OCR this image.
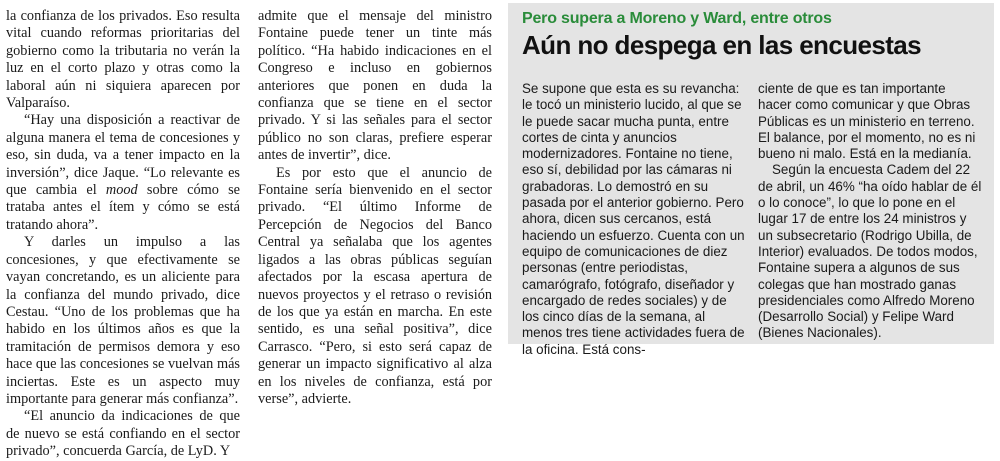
la confianza de los privados. Eso resulta vital cuando reformas prioritarias del gobierno como la tributaria no verán la luz en el corto plazo y otras como la laboral aún ni siquiera aparecen por Valparaíso.

“Hay una disposición a reactivar de alguna manera el tema de concesiones y eso, sin duda, va a tener impacto en la inversión”, dice Jaque. “Lo relevante es que cambia el mood sobre cómo se trataba antes el ítem y cómo se está tratando ahora”.

Y darles un impulso a las concesiones, y que efectivamente se vayan concretando, es un aliciente para la confianza del mundo privado, dice Cestau. “Uno de los problemas que ha habido en los últimos años es que la tramitación de permisos demora y eso hace que las concesiones se vuelvan más inciertas. Este es un aspecto muy importante para generar más confianza”.

“El anuncio da indicaciones de que de nuevo se está confiando en el sector privado”, concuerda García, de LyD. Y

admite que el mensaje del ministro Fontaine puede tener un tinte más político. “Ha habido indicaciones en el Congreso e incluso en gobiernos anteriores que ponen en duda la confianza que se tiene en el sector privado. Y si las señales para el sector público no son claras, prefiere esperar antes de invertir”, dice.

Es por esto que el anuncio de Fontaine sería bienvenido en el sector privado. “El último Informe de Percepción de Negocios del Banco Central ya señalaba que los agentes ligados a las obras públicas seguían afectados por la escasa apertura de nuevos proyectos y el retraso o revisión de los que ya están en marcha. En este sentido, es una señal positiva”, dice Carrasco. “Pero, si esto será capaz de generar un impacto significativo al alza en los niveles de confianza, está por verse”, advierte.

Pero supera a Moreno y Ward, entre otros
Aún no despega en las encuestas

Se supone que esta es su revancha: le tocó un ministerio lucido, al que se le puede sacar mucha punta, entre cortes de cinta y anuncios modernizadores. Fontaine no tiene, eso sí, debilidad por las cámaras ni grabadoras. Lo demostró en su pasada por el anterior gobierno. Pero ahora, dicen sus cercanos, está haciendo un esfuerzo. Cuenta con un equipo de comunicaciones de diez personas (entre periodistas, camarógrafo, fotógrafo, diseñador y encargado de redes sociales) y de los cinco días de la semana, al menos tres tiene actividades fuera de la oficina. Está cons-

ciente de que es tan importante hacer como comunicar y que Obras Públicas es un ministerio en terreno. El balance, por el momento, no es ni bueno ni malo. Está en la medianía.

Según la encuesta Cadem del 22 de abril, un 46% “ha oído hablar de él o lo conoce”, lo que lo pone en el lugar 17 de entre los 24 ministros y un subsecretario (Rodrigo Ubilla, de Interior) evaluados. De todos modos, Fontaine supera a algunos de sus colegas que han mostrado ganas presidenciales como Alfredo Moreno (Desarrollo Social) y Felipe Ward (Bienes Nacionales).
